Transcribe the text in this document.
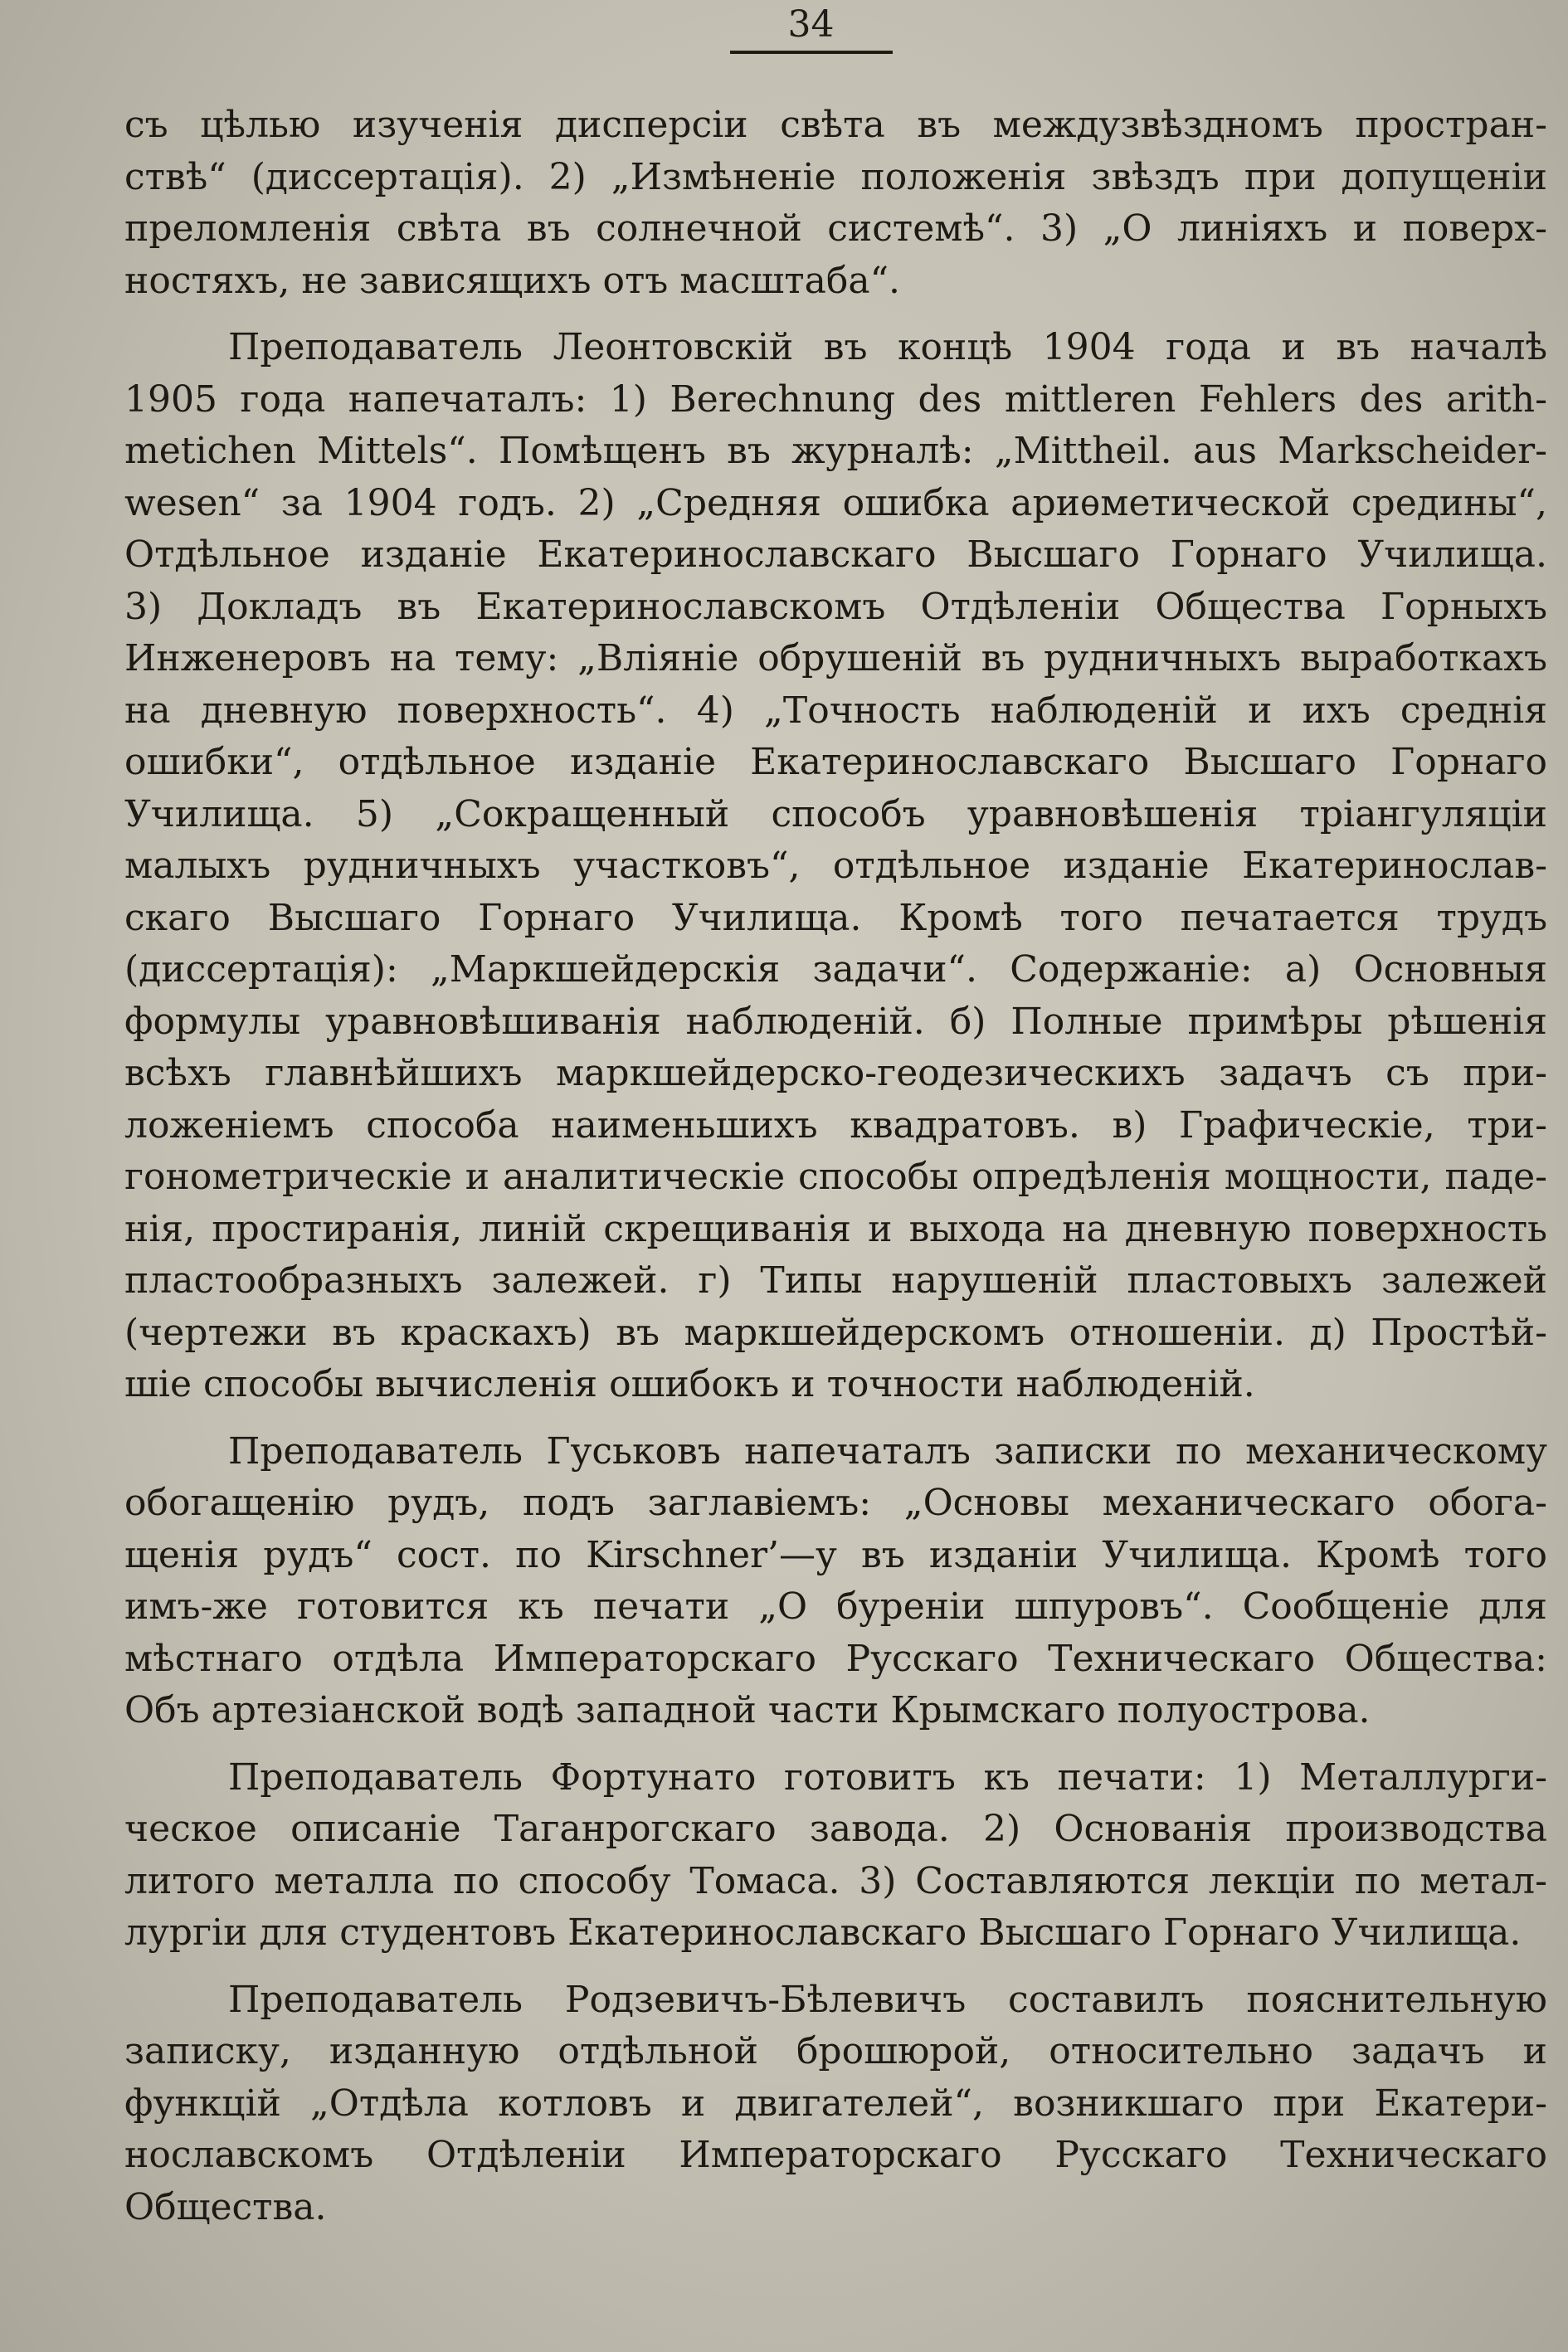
34
съ цѣлью изученія дисперсіи свѣта въ междузвѣздномъ простран-
ствѣ“ (диссертація). 2) „Измѣненіе положенія звѣздъ при допущеніи
преломленія свѣта въ солнечной системѣ“. 3) „О линіяхъ и поверх-
ностяхъ, не зависящихъ отъ масштаба“.
Преподаватель Леонтовскій въ концѣ 1904 года и въ началѣ
1905 года напечаталъ: 1) Berechnung des mittleren Fehlers des arith-
metichen Mittels“. Помѣщенъ въ журналѣ: „Mittheil. aus Markscheider-
wesen“ за 1904 годъ. 2) „Средняя ошибка ариѳметической средины“,
Отдѣльное изданіе Екатеринославскаго Высшаго Горнаго Училища.
3) Докладъ въ Екатеринославскомъ Отдѣленіи Общества Горныхъ
Инженеровъ на тему: „Вліяніе обрушеній въ рудничныхъ выработкахъ
на дневную поверхность“. 4) „Точность наблюденій и ихъ среднія
ошибки“, отдѣльное изданіе Екатеринославскаго Высшаго Горнаго
Училища. 5) „Сокращенный способъ уравновѣшенія тріангуляціи
малыхъ рудничныхъ участковъ“, отдѣльное изданіе Екатеринослав-
скаго Высшаго Горнаго Училища. Кромѣ того печатается трудъ
(диссертація): „Маркшейдерскія задачи“. Содержаніе: а) Основныя
формулы уравновѣшиванія наблюденій. б) Полные примѣры рѣшенія
всѣхъ главнѣйшихъ маркшейдерско-геодезическихъ задачъ съ при-
ложеніемъ способа наименьшихъ квадратовъ. в) Графическіе, три-
гонометрическіе и аналитическіе способы опредѣленія мощности, паде-
нія, простиранія, линій скрещиванія и выхода на дневную поверхность
пластообразныхъ залежей. г) Типы нарушеній пластовыхъ залежей
(чертежи въ краскахъ) въ маркшейдерскомъ отношеніи. д) Простѣй-
шіе способы вычисленія ошибокъ и точности наблюденій.
Преподаватель Гуськовъ напечаталъ записки по механическому
обогащенію рудъ, подъ заглавіемъ: „Основы механическаго обога-
щенія рудъ“ сост. по Kirschner’—у въ изданіи Училища. Кромѣ того
имъ-же готовится къ печати „О буреніи шпуровъ“. Сообщеніе для
мѣстнаго отдѣла Императорскаго Русскаго Техническаго Общества:
Объ артезіанской водѣ западной части Крымскаго полуострова.
Преподаватель Фортунато готовитъ къ печати: 1) Металлурги-
ческое описаніе Таганрогскаго завода. 2) Основанія производства
литого металла по способу Томаса. 3) Составляются лекціи по метал-
лургіи для студентовъ Екатеринославскаго Высшаго Горнаго Училища.
Преподаватель Родзевичъ-Бѣлевичъ составилъ пояснительную
записку, изданную отдѣльной брошюрой, относительно задачъ и
функцій „Отдѣла котловъ и двигателей“, возникшаго при Екатери-
нославскомъ Отдѣленіи Императорскаго Русскаго Техническаго
Общества.
